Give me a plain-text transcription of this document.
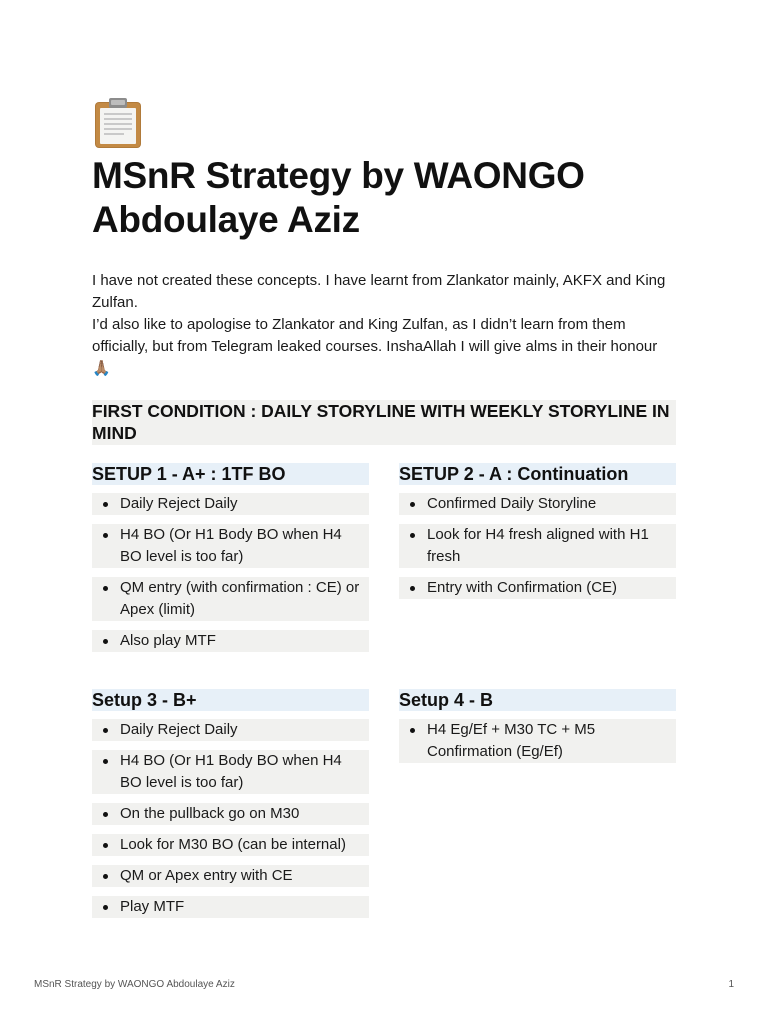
MSnR Strategy by WAONGO Abdoulaye Aziz

I have not created these concepts. I have learnt from Zlankator mainly, AKFX and King Zulfan.

I’d also like to apologise to Zlankator and King Zulfan, as I didn’t learn from them officially, but from Telegram leaked courses. InshaAllah I will give alms in their honour 🙏🏽

FIRST CONDITION : DAILY STORYLINE WITH WEEKLY STORYLINE IN MIND
SETUP 1 - A+ : 1TF BO
Daily Reject Daily
H4 BO (Or H1 Body BO when H4 BO level is too far)
QM entry (with confirmation : CE) or Apex (limit)
Also play MTF
SETUP 2 - A : Continuation
Confirmed Daily Storyline
Look for H4 fresh aligned with H1 fresh
Entry with Confirmation (CE)
Setup 3 - B+
Daily Reject Daily
H4 BO (Or H1 Body BO when H4 BO level is too far)
On the pullback go on M30
Look for M30 BO (can be internal)
QM or Apex entry with CE
Play MTF
Setup 4 - B
H4 Eg/Ef + M30 TC + M5 Confirmation (Eg/Ef)
MSnR Strategy by WAONGO Abdoulaye Aziz	1
